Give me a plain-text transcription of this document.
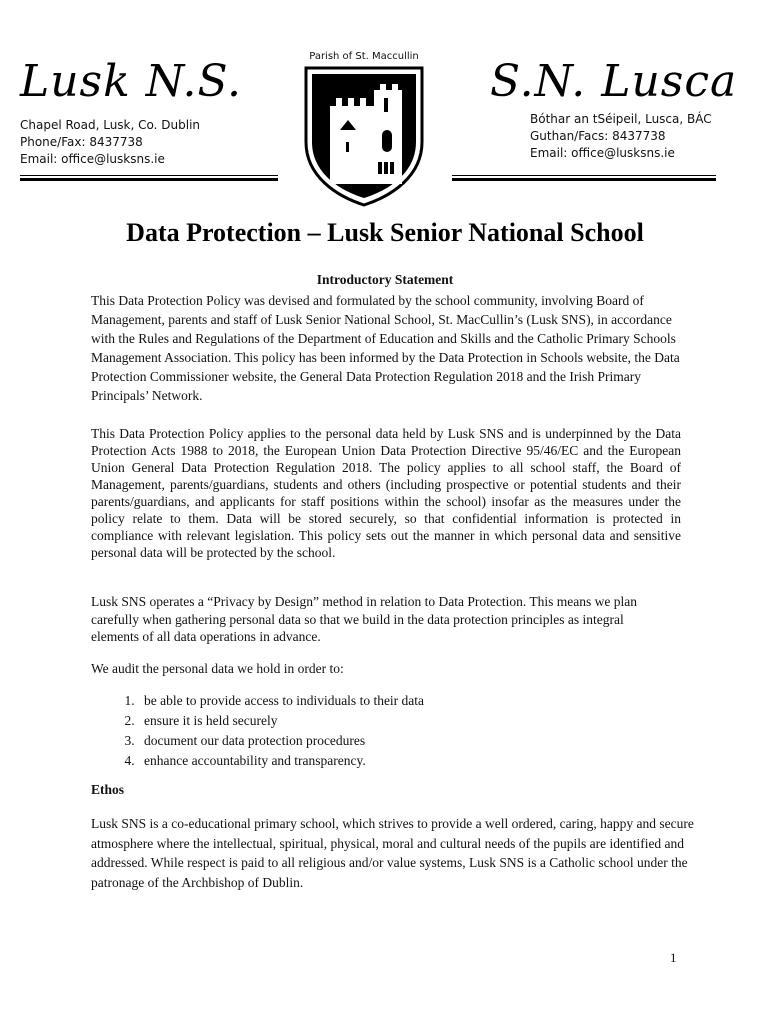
Lusk N.S.
Chapel Road, Lusk, Co. Dublin
Phone/Fax: 8437738
Email: office@lusksns.ie
Parish of St. Maccullin	S.N. Lusca
Bóthar an tSéipeil, Lusca, BÁC
Guthan/Facs: 8437738
Email: office@lusksns.ie
Data Protection – Lusk Senior National School
Introductory Statement
This Data Protection Policy was devised and formulated by the school community, involving Board of Management, parents and staff of Lusk Senior National School, St. MacCullin’s (Lusk SNS), in accordance with the Rules and Regulations of the Department of Education and Skills and the Catholic Primary Schools Management Association. This policy has been informed by the Data Protection in Schools website, the Data Protection Commissioner website, the General Data Protection Regulation 2018 and the Irish Primary Principals’ Network.
This Data Protection Policy applies to the personal data held by Lusk SNS and is underpinned by the Data Protection Acts 1988 to 2018, the European Union Data Protection Directive 95/46/EC and the European Union General Data Protection Regulation 2018. The policy applies to all school staff, the Board of Management, parents/guardians, students and others (including prospective or potential students and their parents/guardians, and applicants for staff positions within the school) insofar as the measures under the policy relate to them. Data will be stored securely, so that confidential information is protected in compliance with relevant legislation. This policy sets out the manner in which personal data and sensitive personal data will be protected by the school.
Lusk SNS operates a “Privacy by Design” method in relation to Data Protection. This means we plan carefully when gathering personal data so that we build in the data protection principles as integral elements of all data operations in advance.
We audit the personal data we hold in order to:
1. be able to provide access to individuals to their data
2. ensure it is held securely
3. document our data protection procedures
4. enhance accountability and transparency.
Ethos
Lusk SNS is a co-educational primary school, which strives to provide a well ordered, caring, happy and secure atmosphere where the intellectual, spiritual, physical, moral and cultural needs of the pupils are identified and addressed. While respect is paid to all religious and/or value systems, Lusk SNS is a Catholic school under the patronage of the Archbishop of Dublin.
1
